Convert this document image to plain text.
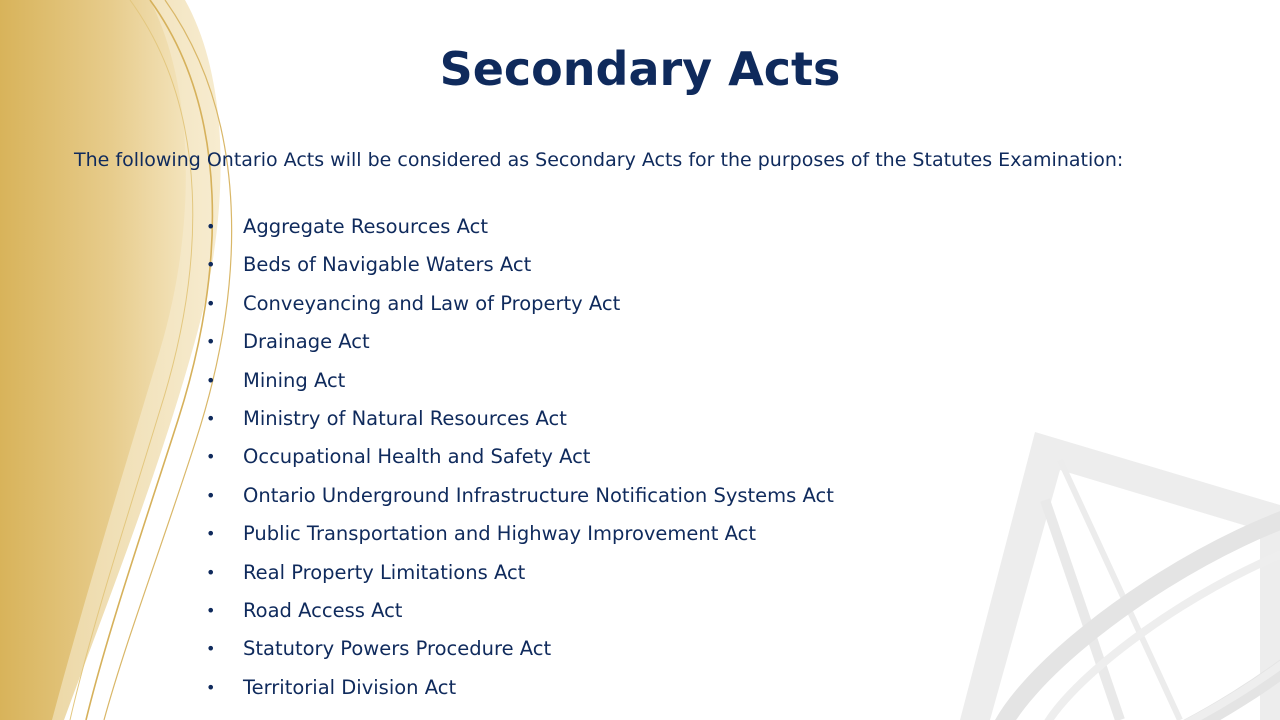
Secondary Acts

The following Ontario Acts will be considered as Secondary Acts for the purposes of the Statutes Examination:

• Aggregate Resources Act
• Beds of Navigable Waters Act
• Conveyancing and Law of Property Act
• Drainage Act
• Mining Act
• Ministry of Natural Resources Act
• Occupational Health and Safety Act
• Ontario Underground Infrastructure Notification Systems Act
• Public Transportation and Highway Improvement Act
• Real Property Limitations Act
• Road Access Act
• Statutory Powers Procedure Act
• Territorial Division Act
